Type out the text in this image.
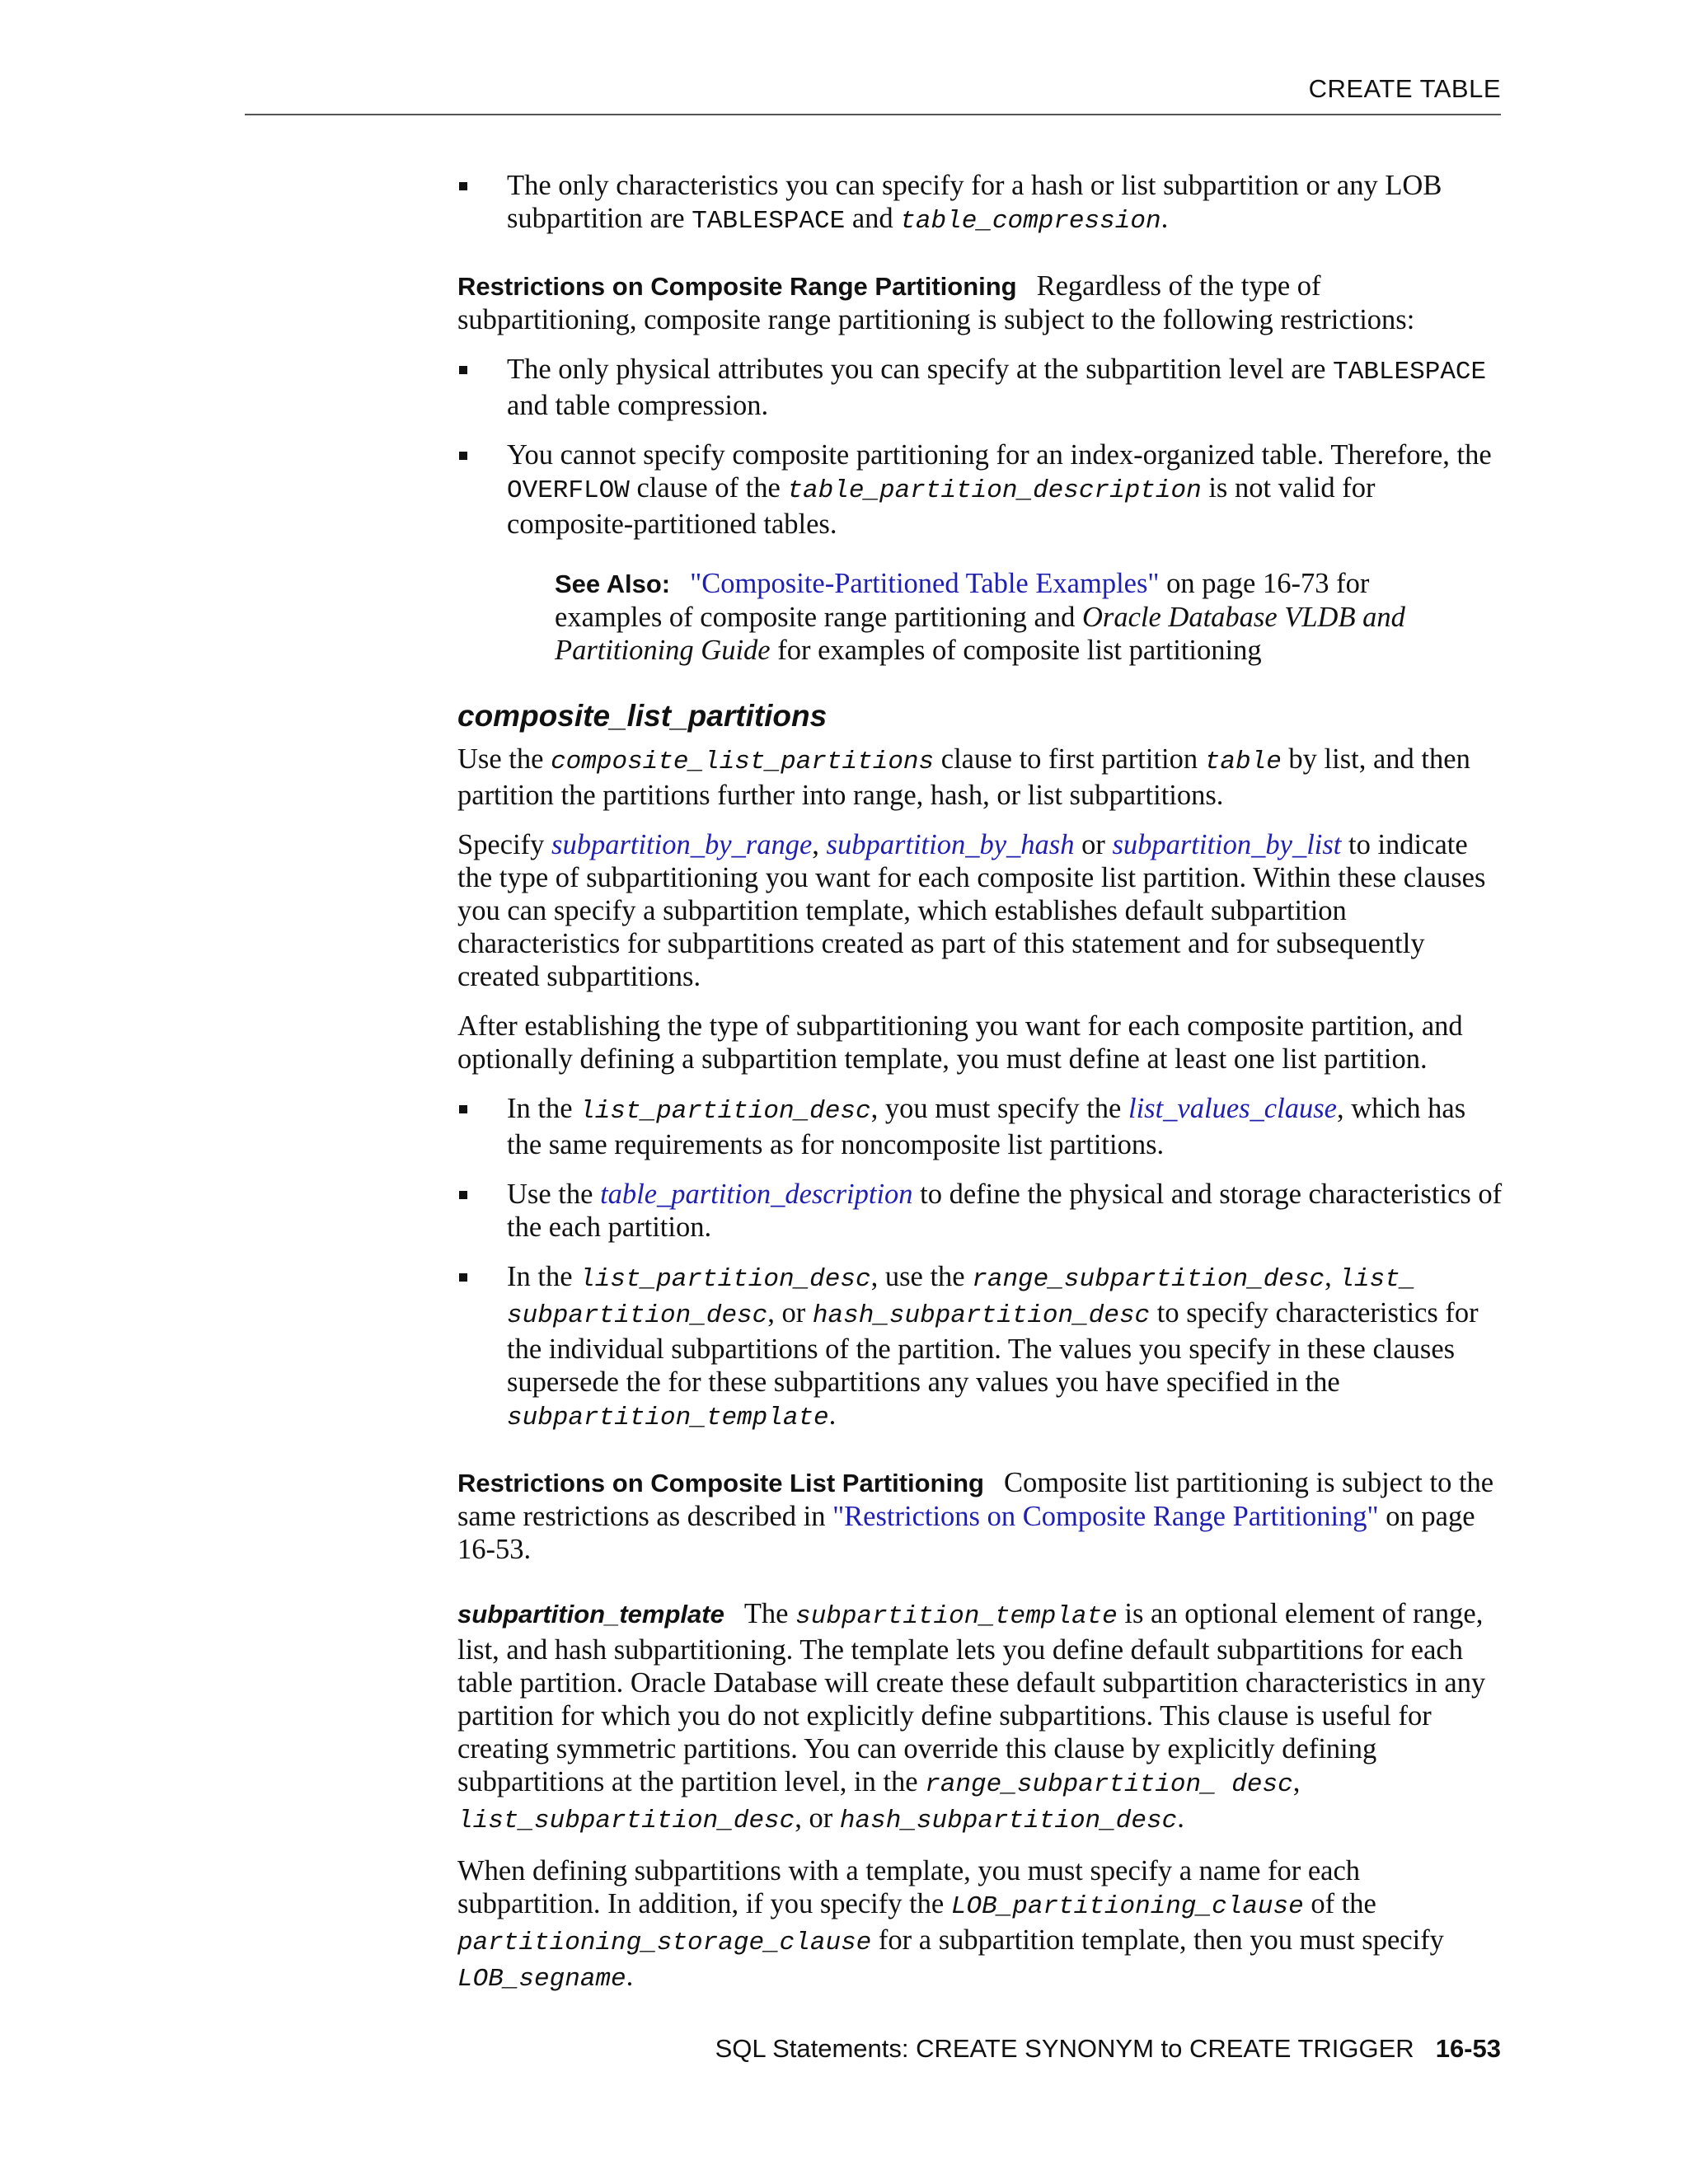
CREATE TABLE
The only characteristics you can specify for a hash or list subpartition or any LOB subpartition are TABLESPACE and table_compression.

Restrictions on Composite Range Partitioning Regardless of the type of subpartitioning, composite range partitioning is subject to the following restrictions:

The only physical attributes you can specify at the subpartition level are TABLESPACE and table compression.
You cannot specify composite partitioning for an index-organized table. Therefore, the OVERFLOW clause of the table_partition_description is not valid for composite-partitioned tables.
See Also: "Composite-Partitioned Table Examples" on page 16-73 for examples of composite range partitioning and Oracle Database VLDB and Partitioning Guide for examples of composite list partitioning
composite_list_partitions

Use the composite_list_partitions clause to first partition table by list, and then partition the partitions further into range, hash, or list subpartitions.

Specify subpartition_by_range, subpartition_by_hash or subpartition_by_list to indicate the type of subpartitioning you want for each composite list partition. Within these clauses you can specify a subpartition template, which establishes default subpartition characteristics for subpartitions created as part of this statement and for subsequently created subpartitions.

After establishing the type of subpartitioning you want for each composite partition, and optionally defining a subpartition template, you must define at least one list partition.

In the list_partition_desc, you must specify the list_values_clause, which has the same requirements as for noncomposite list partitions.
Use the table_partition_description to define the physical and storage characteristics of the each partition.
In the list_partition_desc, use the range_subpartition_desc, list_ subpartition_desc, or hash_subpartition_desc to specify characteristics for the individual subpartitions of the partition. The values you specify in these clauses supersede the for these subpartitions any values you have specified in the subpartition_template.

Restrictions on Composite List Partitioning Composite list partitioning is subject to the same restrictions as described in "Restrictions on Composite Range Partitioning" on page 16-53.

subpartition_template The subpartition_template is an optional element of range, list, and hash subpartitioning. The template lets you define default subpartitions for each table partition. Oracle Database will create these default subpartition characteristics in any partition for which you do not explicitly define subpartitions. This clause is useful for creating symmetric partitions. You can override this clause by explicitly defining subpartitions at the partition level, in the range_subpartition_ desc, list_subpartition_desc, or hash_subpartition_desc.

When defining subpartitions with a template, you must specify a name for each subpartition. In addition, if you specify the LOB_partitioning_clause of the partitioning_storage_clause for a subpartition template, then you must specify LOB_segname.

SQL Statements: CREATE SYNONYM to CREATE TRIGGER 16-53
